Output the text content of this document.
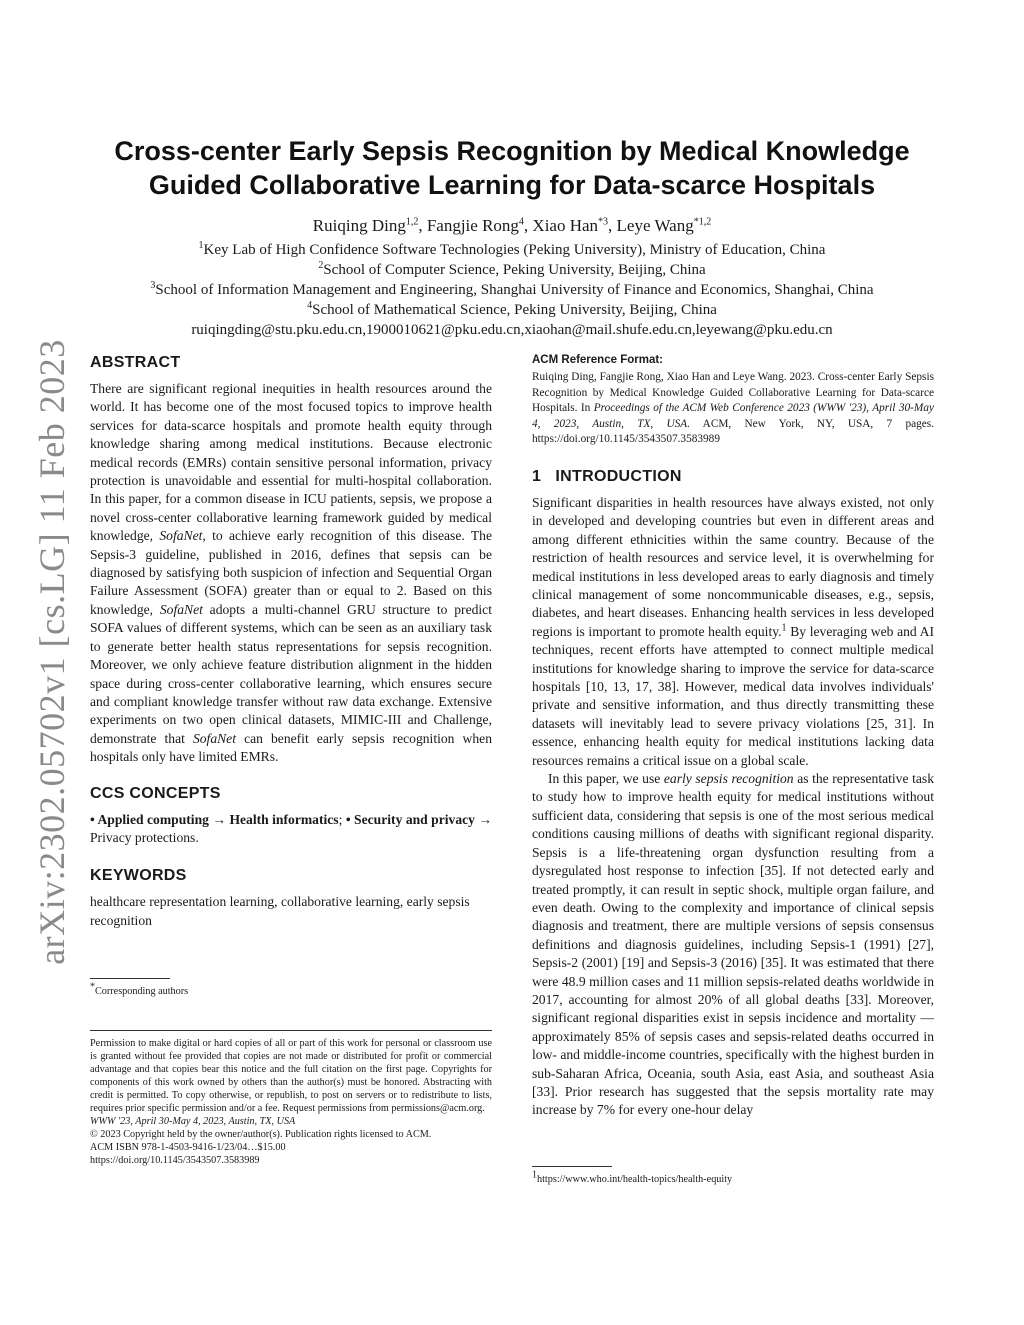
arXiv:2302.05702v1 [cs.LG] 11 Feb 2023
Cross-center Early Sepsis Recognition by Medical Knowledge
Guided Collaborative Learning for Data-scarce Hospitals
Ruiqing Ding$^{1,2}$, Fangjie Rong$^4$, Xiao Han$^{*3}$, Leye Wang$^{*1,2}$
$^1$Key Lab of High Confidence Software Technologies (Peking University), Ministry of Education, China
$^2$School of Computer Science, Peking University, Beijing, China
$^3$School of Information Management and Engineering, Shanghai University of Finance and Economics, Shanghai, China
$^4$School of Mathematical Science, Peking University, Beijing, China
ruiqingding@stu.pku.edu.cn,1900010621@pku.edu.cn,xiaohan@mail.shufe.edu.cn,leyewang@pku.edu.cn
ABSTRACT

There are significant regional inequities in health resources around the world. It has become one of the most focused topics to improve health services for data-scarce hospitals and promote health equity through knowledge sharing among medical institutions. Because electronic medical records (EMRs) contain sensitive personal information, privacy protection is unavoidable and essential for multi-hospital collaboration. In this paper, for a common disease in ICU patients, sepsis, we propose a novel cross-center collaborative learning framework guided by medical knowledge, SofaNet, to achieve early recognition of this disease. The Sepsis-3 guideline, published in 2016, defines that sepsis can be diagnosed by satisfying both suspicion of infection and Sequential Organ Failure Assessment (SOFA) greater than or equal to 2. Based on this knowledge, SofaNet adopts a multi-channel GRU structure to predict SOFA values of different systems, which can be seen as an auxiliary task to generate better health status representations for sepsis recognition. Moreover, we only achieve feature distribution alignment in the hidden space during cross-center collaborative learning, which ensures secure and compliant knowledge transfer without raw data exchange. Extensive experiments on two open clinical datasets, MIMIC-III and Challenge, demonstrate that SofaNet can benefit early sepsis recognition when hospitals only have limited EMRs.

CCS CONCEPTS

• Applied computing → Health informatics; • Security and privacy → Privacy protections.

KEYWORDS

healthcare representation learning, collaborative learning, early sepsis recognition

*Corresponding authors

Permission to make digital or hard copies of all or part of this work for personal or classroom use is granted without fee provided that copies are not made or distributed for profit or commercial advantage and that copies bear this notice and the full citation on the first page. Copyrights for components of this work owned by others than the author(s) must be honored. Abstracting with credit is permitted. To copy otherwise, or republish, to post on servers or to redistribute to lists, requires prior specific permission and/or a fee. Request permissions from permissions@acm.org.

WWW '23, April 30-May 4, 2023, Austin, TX, USA
© 2023 Copyright held by the owner/author(s). Publication rights licensed to ACM.
ACM ISBN 978-1-4503-9416-1/23/04…$15.00
https://doi.org/10.1145/3543507.3583989
ACM Reference Format:

Ruiqing Ding, Fangjie Rong, Xiao Han and Leye Wang. 2023. Cross-center Early Sepsis Recognition by Medical Knowledge Guided Collaborative Learning for Data-scarce Hospitals. In Proceedings of the ACM Web Conference 2023 (WWW '23), April 30-May 4, 2023, Austin, TX, USA. ACM, New York, NY, USA, 7 pages. https://doi.org/10.1145/3543507.3583989

1   INTRODUCTION

Significant disparities in health resources have always existed, not only in developed and developing countries but even in different areas and among different ethnicities within the same country. Because of the restriction of health resources and service level, it is overwhelming for medical institutions in less developed areas to early diagnosis and timely clinical management of some noncommunicable diseases, e.g., sepsis, diabetes, and heart diseases. Enhancing health services in less developed regions is important to promote health equity.$^1$ By leveraging web and AI techniques, recent efforts have attempted to connect multiple medical institutions for knowledge sharing to improve the service for data-scarce hospitals [10, 13, 17, 38]. However, medical data involves individuals' private and sensitive information, and thus directly transmitting these datasets will inevitably lead to severe privacy violations [25, 31]. In essence, enhancing health equity for medical institutions lacking data resources remains a critical issue on a global scale.

In this paper, we use early sepsis recognition as the representative task to study how to improve health equity for medical institutions without sufficient data, considering that sepsis is one of the most serious medical conditions causing millions of deaths with significant regional disparity. Sepsis is a life-threatening organ dysfunction resulting from a dysregulated host response to infection [35]. If not detected early and treated promptly, it can result in septic shock, multiple organ failure, and even death. Owing to the complexity and importance of clinical sepsis diagnosis and treatment, there are multiple versions of sepsis consensus definitions and diagnosis guidelines, including Sepsis-1 (1991) [27], Sepsis-2 (2001) [19] and Sepsis-3 (2016) [35]. It was estimated that there were 48.9 million cases and 11 million sepsis-related deaths worldwide in 2017, accounting for almost 20% of all global deaths [33]. Moreover, significant regional disparities exist in sepsis incidence and mortality — approximately 85% of sepsis cases and sepsis-related deaths occurred in low- and middle-income countries, specifically with the highest burden in sub-Saharan Africa, Oceania, south Asia, east Asia, and southeast Asia [33]. Prior research has suggested that the sepsis mortality rate may increase by 7% for every one-hour delay

$^1$https://www.who.int/health-topics/health-equity
